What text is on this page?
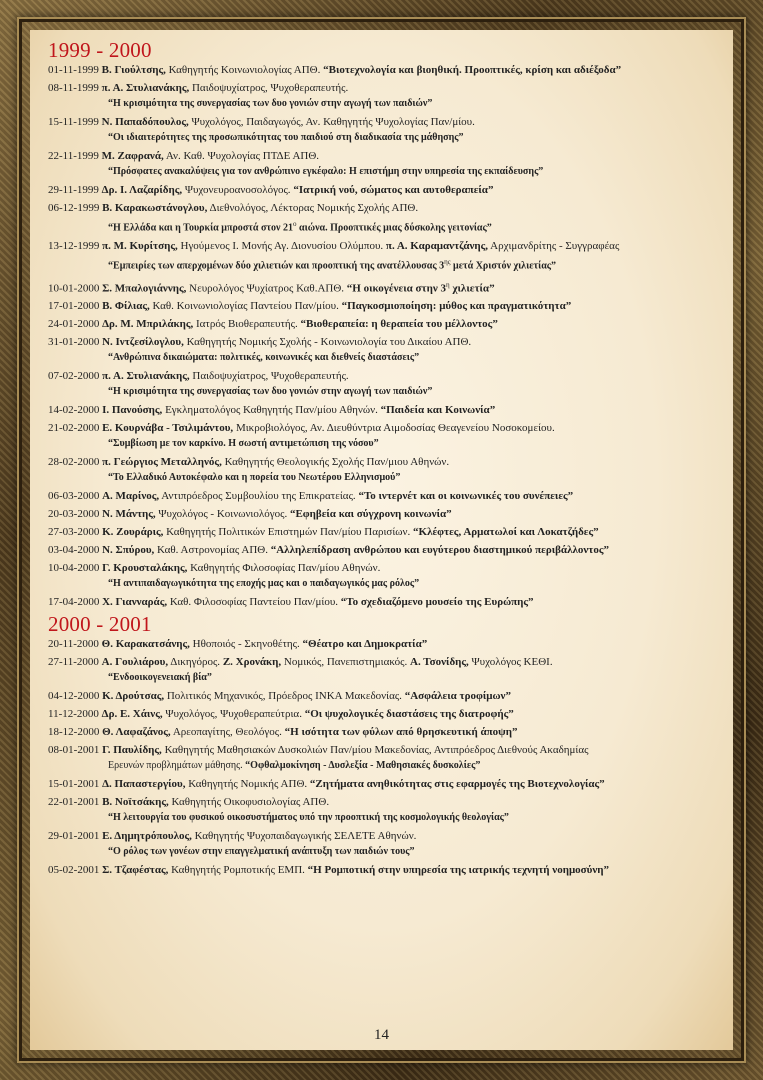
1999 - 2000
01-11-1999 Β. Γιούλτσης, Καθηγητής Κοινωνιολογίας ΑΠΘ. “Βιοτεχνολογία και βιοηθική. Προοπτικές, κρίση και αδιέξοδα”
08-11-1999 π. Α. Στυλιανάκης, Παιδοψυχίατρος, Ψυχοθεραπευτής.
“Η κρισιμότητα της συνεργασίας των δυο γονιών στην αγωγή των παιδιών”
15-11-1999 Ν. Παπαδόπουλος, Ψυχολόγος, Παιδαγωγός, Αν. Καθηγητής Ψυχολογίας Παν/μίου.
“Οι ιδιαιτερότητες της προσωπικότητας του παιδιού στη διαδικασία της μάθησης”
22-11-1999 Μ. Ζαφρανά, Αν. Καθ. Ψυχολογίας ΠΤΔΕ ΑΠΘ.
“Πρόσφατες ανακαλύψεις για τον ανθρώπινο εγκέφαλο: Η επιστήμη στην υπηρεσία της εκπαίδευσης”
29-11-1999 Δρ. Ι. Λαζαρίδης, Ψυχονευροανοσολόγος. “Ιατρική νού, σώματος και αυτοθεραπεία”
06-12-1999 Β. Καρακωστάνογλου, Διεθνολόγος, Λέκτορας Νομικής Σχολής ΑΠΘ.
“Η Ελλάδα και η Τουρκία μπροστά στον $21^o$ αιώνα. Προοπτικές μιας δύσκολης γειτονίας”
13-12-1999 π. Μ. Κυρίτσης, Ηγούμενος Ι. Μονής Αγ. Διονυσίου Ολύμπου. π. Α. Καραμαντζάνης, Αρχιμανδρίτης - Συγγραφέας
“Εμπειρίες των απερχομένων δύο χιλιετιών και προοπτική της ανατέλλουσας $3^{\eta\varsigma}$ μετά Χριστόν χιλιετίας”
10-01-2000 Σ. Μπαλογιάννης, Νευρολόγος Ψυχίατρος Καθ.ΑΠΘ. “Η οικογένεια στην $3^\eta$ χιλιετία”
17-01-2000 Β. Φίλιας, Καθ. Κοινωνιολογίας Παντείου Παν/μίου. “Παγκοσμιοποίηση: μύθος και πραγματικότητα”
24-01-2000 Δρ. Μ. Μπριλάκης, Ιατρός Βιοθεραπευτής. “Βιοθεραπεία: η θεραπεία του μέλλοντος”
31-01-2000 Ν. Ιντζεσίλογλου, Καθηγητής Νομικής Σχολής - Κοινωνιολογία του Δικαίου ΑΠΘ.
“Ανθρώπινα δικαιώματα: πολιτικές, κοινωνικές και διεθνείς διαστάσεις”
07-02-2000 π. Α. Στυλιανάκης, Παιδοψυχίατρος, Ψυχοθεραπευτής.
“Η κρισιμότητα της συνεργασίας των δυο γονιών στην αγωγή των παιδιών”
14-02-2000 Ι. Πανούσης, Εγκληματολόγος Καθηγητής Παν/μίου Αθηνών. “Παιδεία και Κοινωνία”
21-02-2000 Ε. Κουρνάβα - Τσιλιμάντου, Μικροβιολόγος, Αν. Διευθύντρια Αιμοδοσίας Θεαγενείου Νοσοκομείου.
“Συμβίωση με τον καρκίνο. Η σωστή αντιμετώπιση της νόσου”
28-02-2000 π. Γεώργιος Μεταλληνός, Καθηγητής Θεολογικής Σχολής Παν/μιου Αθηνών.
“Το Ελλαδικό Αυτοκέφαλο και η πορεία του Νεωτέρου Ελληνισμού”
06-03-2000 Α. Μαρίνος, Αντιπρόεδρος Συμβουλίου της Επικρατείας. “Το ιντερνέτ και οι κοινωνικές του συνέπειες”
20-03-2000 Ν. Μάντης, Ψυχολόγος - Κοινωνιολόγος. “Εφηβεία και σύγχρονη κοινωνία”
27-03-2000 Κ. Ζουράρις, Καθηγητής Πολιτικών Επιστημών Παν/μίου Παρισίων. “Κλέφτες, Αρματωλοί και Λοκατζήδες”
03-04-2000 Ν. Σπύρου, Καθ. Αστρονομίας ΑΠΘ. “Αλληλεπίδραση ανθρώπου και ευγύτερου διαστημικού περιβάλλοντος”
10-04-2000 Γ. Κρουσταλάκης, Καθηγητής Φιλοσοφίας Παν/μίου Αθηνών.
“Η αντιπαιδαγωγικότητα της εποχής μας και ο παιδαγωγικός μας ρόλος”
17-04-2000 Χ. Γιανναράς, Καθ. Φιλοσοφίας Παντείου Παν/μίου. “Το σχεδιαζόμενο μουσείο της Ευρώπης”
2000 - 2001
20-11-2000 Θ. Καρακατσάνης, Ηθοποιός - Σκηνοθέτης. “Θέατρο και Δημοκρατία”
27-11-2000 Α. Γουλιάρου, Δικηγόρος. Ζ. Χρονάκη, Νομικός, Πανεπιστημιακός. Α. Τσονίδης, Ψυχολόγος ΚΕΘΙ.
“Ενδοοικογενειακή βία”
04-12-2000 Κ. Δρούτσας, Πολιτικός Μηχανικός, Πρόεδρος ΙΝΚΑ Μακεδονίας. “Ασφάλεια τροφίμων”
11-12-2000 Δρ. Ε. Χάινς, Ψυχολόγος, Ψυχοθεραπεύτρια. “Οι ψυχολογικές διαστάσεις της διατροφής”
18-12-2000 Θ. Λαφαζάνος, Αρεοπαγίτης, Θεολόγος. “Η ισότητα των φύλων από θρησκευτική άποψη”
08-01-2001 Γ. Παυλίδης, Καθηγητής Μαθησιακών Δυσκολιών Παν/μίου Μακεδονίας, Αντιπρόεδρος Διεθνούς Ακαδημίας
Ερευνών προβλημάτων μάθησης. “Οφθαλμοκίνηση - Δυσλεξία - Μαθησιακές δυσκολίες”
15-01-2001 Δ. Παπαστεργίου, Καθηγητής Νομικής ΑΠΘ. “Ζητήματα ανηθικότητας στις εφαρμογές της Βιοτεχνολογίας”
22-01-2001 Β. Νοϊτσάκης, Καθηγητής Οικοφυσιολογίας ΑΠΘ.
“Η λειτουργία του φυσικού οικοσυστήματος υπό την προοπτική της κοσμολογικής θεολογίας”
29-01-2001 Ε. Δημητρόπουλος, Καθηγητής Ψυχοπαιδαγωγικής ΣΕΛΕΤΕ Αθηνών.
“Ο ρόλος των γονέων στην επαγγελματική ανάπτυξη των παιδιών τους”
05-02-2001 Σ. Τζαφέστας, Καθηγητής Ρομποτικής ΕΜΠ. “Η Ρομποτική στην υπηρεσία της ιατρικής τεχνητή νοημοσύνη”
14
